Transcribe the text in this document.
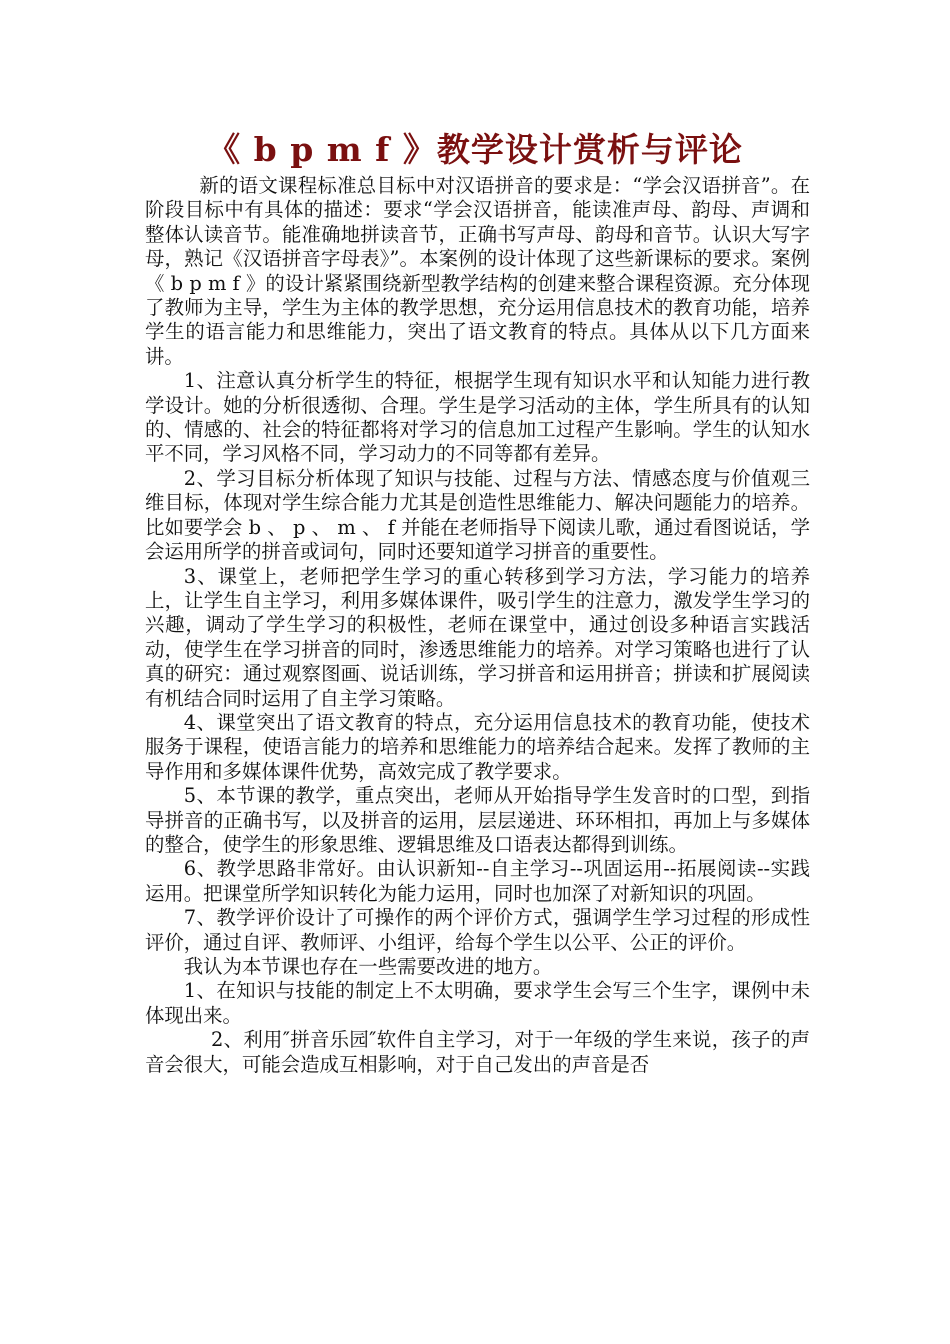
《 b p m f 》教学设计赏析与评论

新的语文课程标准总目标中对汉语拼音的要求是：“学会汉语拼音”。在阶段目标中有具体的描述：要求“学会汉语拼音，能读准声母、韵母、声调和整体认读音节。能准确地拼读音节，正确书写声母、韵母和音节。认识大写字母，熟记《汉语拼音字母表》”。本案例的设计体现了这些新课标的要求。案例《 b p m f 》的设计紧紧围绕新型教学结构的创建来整合课程资源。充分体现了教师为主导，学生为主体的教学思想，充分运用信息技术的教育功能，培养学生的语言能力和思维能力，突出了语文教育的特点。具体从以下几方面来讲。

1、注意认真分析学生的特征，根据学生现有知识水平和认知能力进行教学设计。她的分析很透彻、合理。学生是学习活动的主体，学生所具有的认知的、情感的、社会的特征都将对学习的信息加工过程产生影响。学生的认知水平不同，学习风格不同，学习动力的不同等都有差异。

2、学习目标分析体现了知识与技能、过程与方法、情感态度与价值观三维目标，体现对学生综合能力尤其是创造性思维能力、解决问题能力的培养。比如要学会 b 、 p 、 m 、 f 并能在老师指导下阅读儿歌，通过看图说话，学会运用所学的拼音或词句，同时还要知道学习拼音的重要性。

3、课堂上，老师把学生学习的重心转移到学习方法，学习能力的培养上，让学生自主学习，利用多媒体课件，吸引学生的注意力，激发学生学习的兴趣，调动了学生学习的积极性，老师在课堂中，通过创设多种语言实践活动，使学生在学习拼音的同时，渗透思维能力的培养。对学习策略也进行了认真的研究：通过观察图画、说话训练，学习拼音和运用拼音；拼读和扩展阅读有机结合同时运用了自主学习策略。

4、课堂突出了语文教育的特点，充分运用信息技术的教育功能，使技术服务于课程，使语言能力的培养和思维能力的培养结合起来。发挥了教师的主导作用和多媒体课件优势，高效完成了教学要求。

5、本节课的教学，重点突出，老师从开始指导学生发音时的口型，到指导拼音的正确书写，以及拼音的运用，层层递进、环环相扣，再加上与多媒体的整合，使学生的形象思维、逻辑思维及口语表达都得到训练。

6、教学思路非常好。由认识新知--自主学习--巩固运用--拓展阅读--实践运用。把课堂所学知识转化为能力运用，同时也加深了对新知识的巩固。

7、教学评价设计了可操作的两个评价方式，强调学生学习过程的形成性评价，通过自评、教师评、小组评，给每个学生以公平、公正的评价。

我认为本节课也存在一些需要改进的地方。

1、在知识与技能的制定上不太明确，要求学生会写三个生字，课例中未体现出来。

2、利用″拼音乐园″软件自主学习，对于一年级的学生来说，孩子的声音会很大，可能会造成互相影响，对于自己发出的声音是否
